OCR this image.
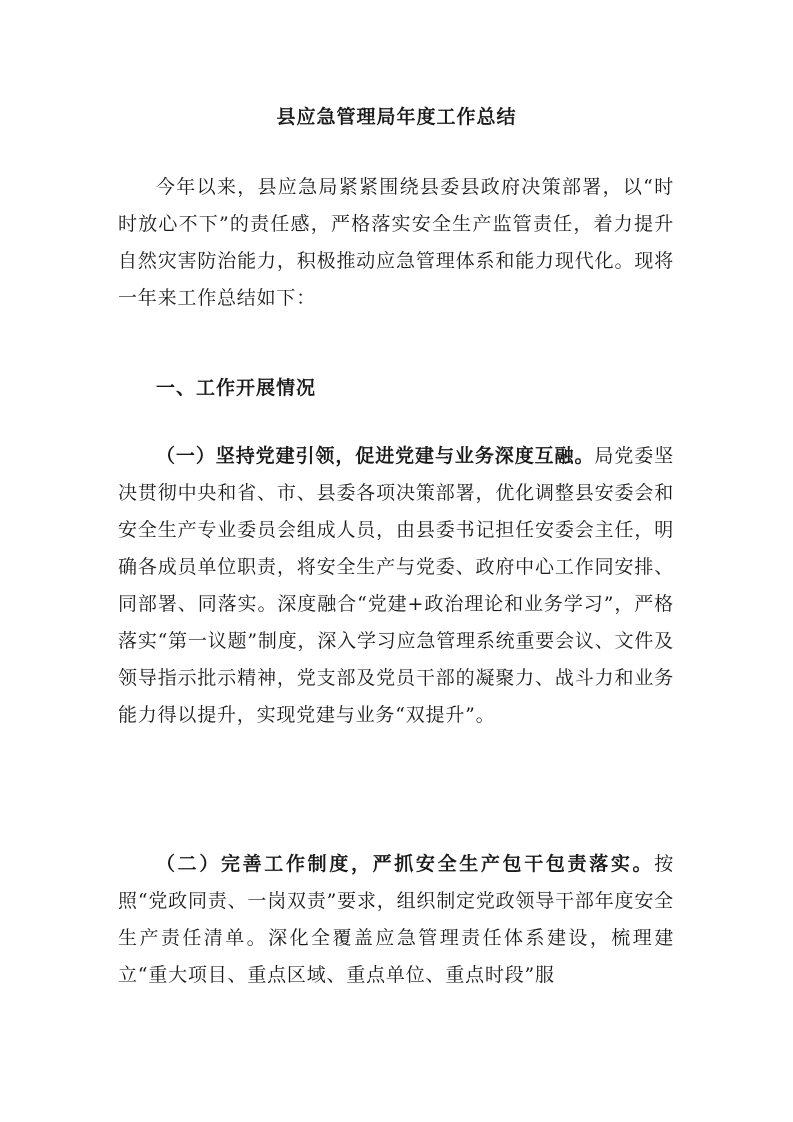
县应急管理局年度工作总结

今年以来，县应急局紧紧围绕县委县政府决策部署，以“时时放心不下”的责任感，严格落实安全生产监管责任，着力提升自然灾害防治能力，积极推动应急管理体系和能力现代化。现将一年来工作总结如下：

一、工作开展情况

（一）坚持党建引领，促进党建与业务深度互融。局党委坚决贯彻中央和省、市、县委各项决策部署，优化调整县安委会和安全生产专业委员会组成人员，由县委书记担任安委会主任，明确各成员单位职责，将安全生产与党委、政府中心工作同安排、同部署、同落实。深度融合“党建+政治理论和业务学习”，严格落实“第一议题”制度，深入学习应急管理系统重要会议、文件及领导指示批示精神，党支部及党员干部的凝聚力、战斗力和业务能力得以提升，实现党建与业务“双提升”。

（二）完善工作制度，严抓安全生产包干包责落实。按照“党政同责、一岗双责”要求，组织制定党政领导干部年度安全生产责任清单。深化全覆盖应急管理责任体系建设，梳理建立“重大项目、重点区域、重点单位、重点时段”服
